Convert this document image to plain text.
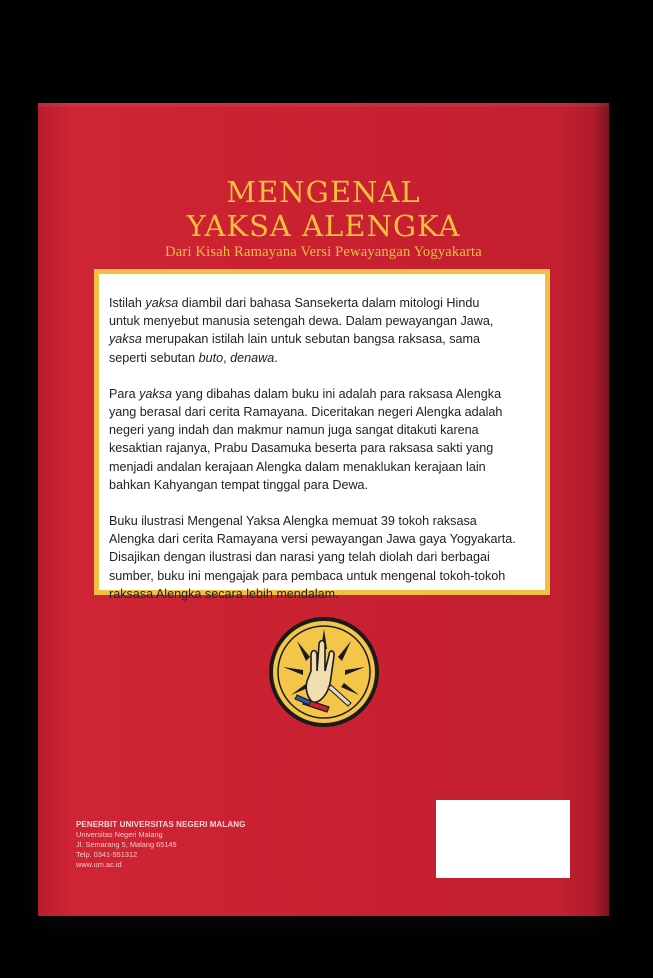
MENGENAL
YAKSA ALENGKA
Dari Kisah Ramayana Versi Pewayangan Yogyakarta

Istilah yaksa diambil dari bahasa Sansekerta dalam mitologi Hindu
untuk menyebut manusia setengah dewa. Dalam pewayangan Jawa,
yaksa merupakan istilah lain untuk sebutan bangsa raksasa, sama
seperti sebutan buto, denawa.

Para yaksa yang dibahas dalam buku ini adalah para raksasa Alengka
yang berasal dari cerita Ramayana. Diceritakan negeri Alengka adalah
negeri yang indah dan makmur namun juga sangat ditakuti karena
kesaktian rajanya, Prabu Dasamuka beserta para raksasa sakti yang
menjadi andalan kerajaan Alengka dalam menaklukan kerajaan lain
bahkan Kahyangan tempat tinggal para Dewa.

Buku ilustrasi Mengenal Yaksa Alengka memuat 39 tokoh raksasa
Alengka dari cerita Ramayana versi pewayangan Jawa gaya Yogyakarta.
Disajikan dengan ilustrasi dan narasi yang telah diolah dari berbagai
sumber, buku ini mengajak para pembaca untuk mengenal tokoh-tokoh
raksasa Alengka secara lebih mendalam.

PENERBIT UNIVERSITAS NEGERI MALANG
Universitas Negeri Malang
Jl. Semarang 5, Malang 65145
Telp. 0341-551312
www.um.ac.id
